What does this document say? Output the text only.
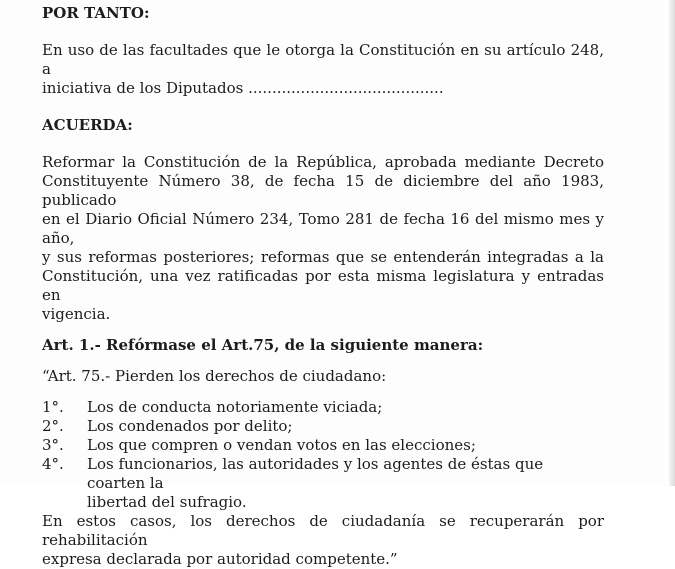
POR TANTO:

En uso de las facultades que le otorga la Constitución en su artículo 248, a
iniciativa de los Diputados .........................................

ACUERDA:

Reformar la Constitución de la República, aprobada mediante Decreto
Constituyente Número 38, de fecha 15 de diciembre del año 1983, publicado
en el Diario Oficial Número 234, Tomo 281 de fecha 16 del mismo mes y año,
y sus reformas posteriores; reformas que se entenderán integradas a la
Constitución, una vez ratificadas por esta misma legislatura y entradas en
vigencia.

Art. 1.- Refórmase el Art.75, de la siguiente manera:

“Art. 75.- Pierden los derechos de ciudadano:

1°.	Los de conducta notoriamente viciada;
2°.	Los condenados por delito;
3°.	Los que compren o vendan votos en las elecciones;
4°.	Los funcionarios, las autoridades y los agentes de éstas que coarten la
libertad del sufragio.
En estos casos, los derechos de ciudadanía se recuperarán por rehabilitación
expresa declarada por autoridad competente.”
